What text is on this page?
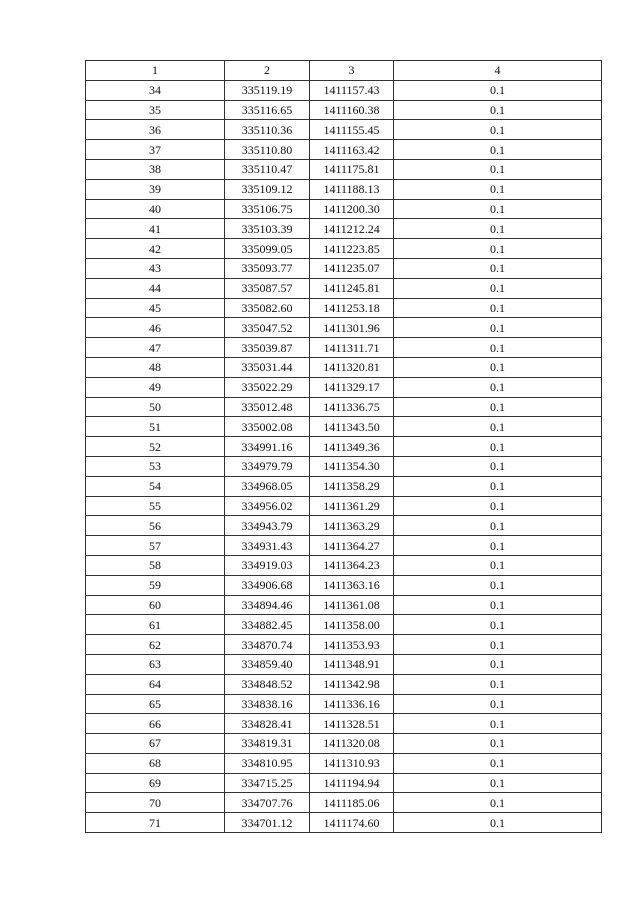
1	2	3	4
34	335119.19	1411157.43	0.1
35	335116.65	1411160.38	0.1
36	335110.36	1411155.45	0.1
37	335110.80	1411163.42	0.1
38	335110.47	1411175.81	0.1
39	335109.12	1411188.13	0.1
40	335106.75	1411200.30	0.1
41	335103.39	1411212.24	0.1
42	335099.05	1411223.85	0.1
43	335093.77	1411235.07	0.1
44	335087.57	1411245.81	0.1
45	335082.60	1411253.18	0.1
46	335047.52	1411301.96	0.1
47	335039.87	1411311.71	0.1
48	335031.44	1411320.81	0.1
49	335022.29	1411329.17	0.1
50	335012.48	1411336.75	0.1
51	335002.08	1411343.50	0.1
52	334991.16	1411349.36	0.1
53	334979.79	1411354.30	0.1
54	334968.05	1411358.29	0.1
55	334956.02	1411361.29	0.1
56	334943.79	1411363.29	0.1
57	334931.43	1411364.27	0.1
58	334919.03	1411364.23	0.1
59	334906.68	1411363.16	0.1
60	334894.46	1411361.08	0.1
61	334882.45	1411358.00	0.1
62	334870.74	1411353.93	0.1
63	334859.40	1411348.91	0.1
64	334848.52	1411342.98	0.1
65	334838.16	1411336.16	0.1
66	334828.41	1411328.51	0.1
67	334819.31	1411320.08	0.1
68	334810.95	1411310.93	0.1
69	334715.25	1411194.94	0.1
70	334707.76	1411185.06	0.1
71	334701.12	1411174.60	0.1
